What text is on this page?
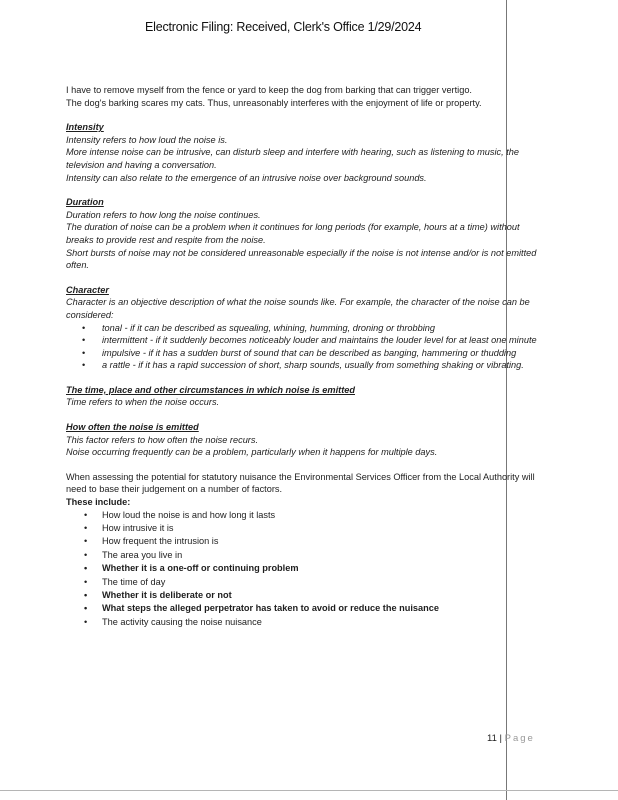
Electronic Filing: Received, Clerk's Office 1/29/2024

I have to remove myself from the fence or yard to keep the dog from barking that can trigger vertigo.

The dog's barking scares my cats. Thus, unreasonably interferes with the enjoyment of life or property.

Intensity

Intensity refers to how loud the noise is.

More intense noise can be intrusive, can disturb sleep and interfere with hearing, such as listening to music, the television and having a conversation.

Intensity can also relate to the emergence of an intrusive noise over background sounds.

Duration

Duration refers to how long the noise continues.

The duration of noise can be a problem when it continues for long periods (for example, hours at a time) without breaks to provide rest and respite from the noise.

Short bursts of noise may not be considered unreasonable especially if the noise is not intense and/or is not emitted often.

Character

Character is an objective description of what the noise sounds like. For example, the character of the noise can be considered:

• tonal - if it can be described as squealing, whining, humming, droning or throbbing
• intermittent - if it suddenly becomes noticeably louder and maintains the louder level for at least one minute
• impulsive - if it has a sudden burst of sound that can be described as banging, hammering or thudding
• a rattle - if it has a rapid succession of short, sharp sounds, usually from something shaking or vibrating.

The time, place and other circumstances in which noise is emitted

Time refers to when the noise occurs.

How often the noise is emitted

This factor refers to how often the noise recurs.

Noise occurring frequently can be a problem, particularly when it happens for multiple days.

When assessing the potential for statutory nuisance the Environmental Services Officer from the Local Authority will need to base their judgement on a number of factors.

These include:

• How loud the noise is and how long it lasts
• How intrusive it is
• How frequent the intrusion is
• The area you live in
• Whether it is a one-off or continuing problem
• The time of day
• Whether it is deliberate or not
• What steps the alleged perpetrator has taken to avoid or reduce the nuisance
• The activity causing the noise nuisance
11 | Page
